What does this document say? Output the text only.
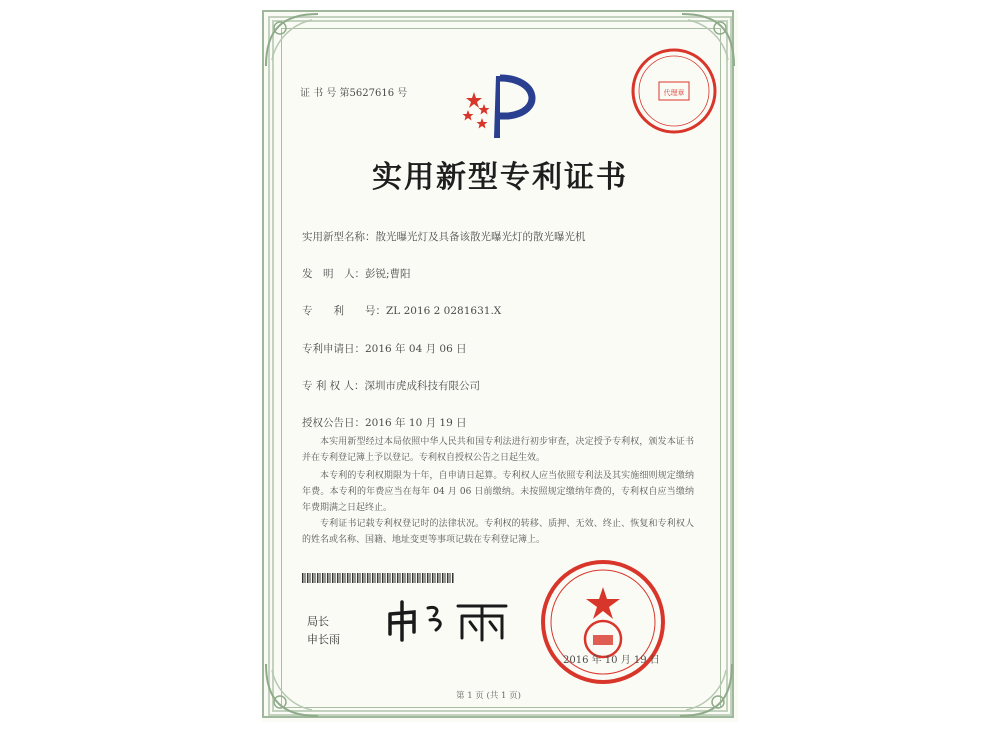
证 书 号 第5627616 号	代理章
实用新型专利证书
实用新型名称：散光曝光灯及具备该散光曝光灯的散光曝光机
发　明　人：彭锐;曹阳
专　　利　　号：ZL 2016 2 0281631.X
专利申请日：2016 年 04 月 06 日
专 利 权 人：深圳市虎成科技有限公司
授权公告日：2016 年 10 月 19 日
本实用新型经过本局依照中华人民共和国专利法进行初步审查，决定授予专利权，颁发本证书并在专利登记簿上予以登记。专利权自授权公告之日起生效。
本专利的专利权期限为十年，自申请日起算。专利权人应当依照专利法及其实施细则规定缴纳年费。本专利的年费应当在每年 04 月 06 日前缴纳。未按照规定缴纳年费的，专利权自应当缴纳年费期满之日起终止。
专利证书记载专利权登记时的法律状况。专利权的转移、质押、无效、终止、恢复和专利权人的姓名或名称、国籍、地址变更等事项记载在专利登记簿上。
局长
申长雨
2016 年 10 月 19 日
第 1 页 (共 1 页)
